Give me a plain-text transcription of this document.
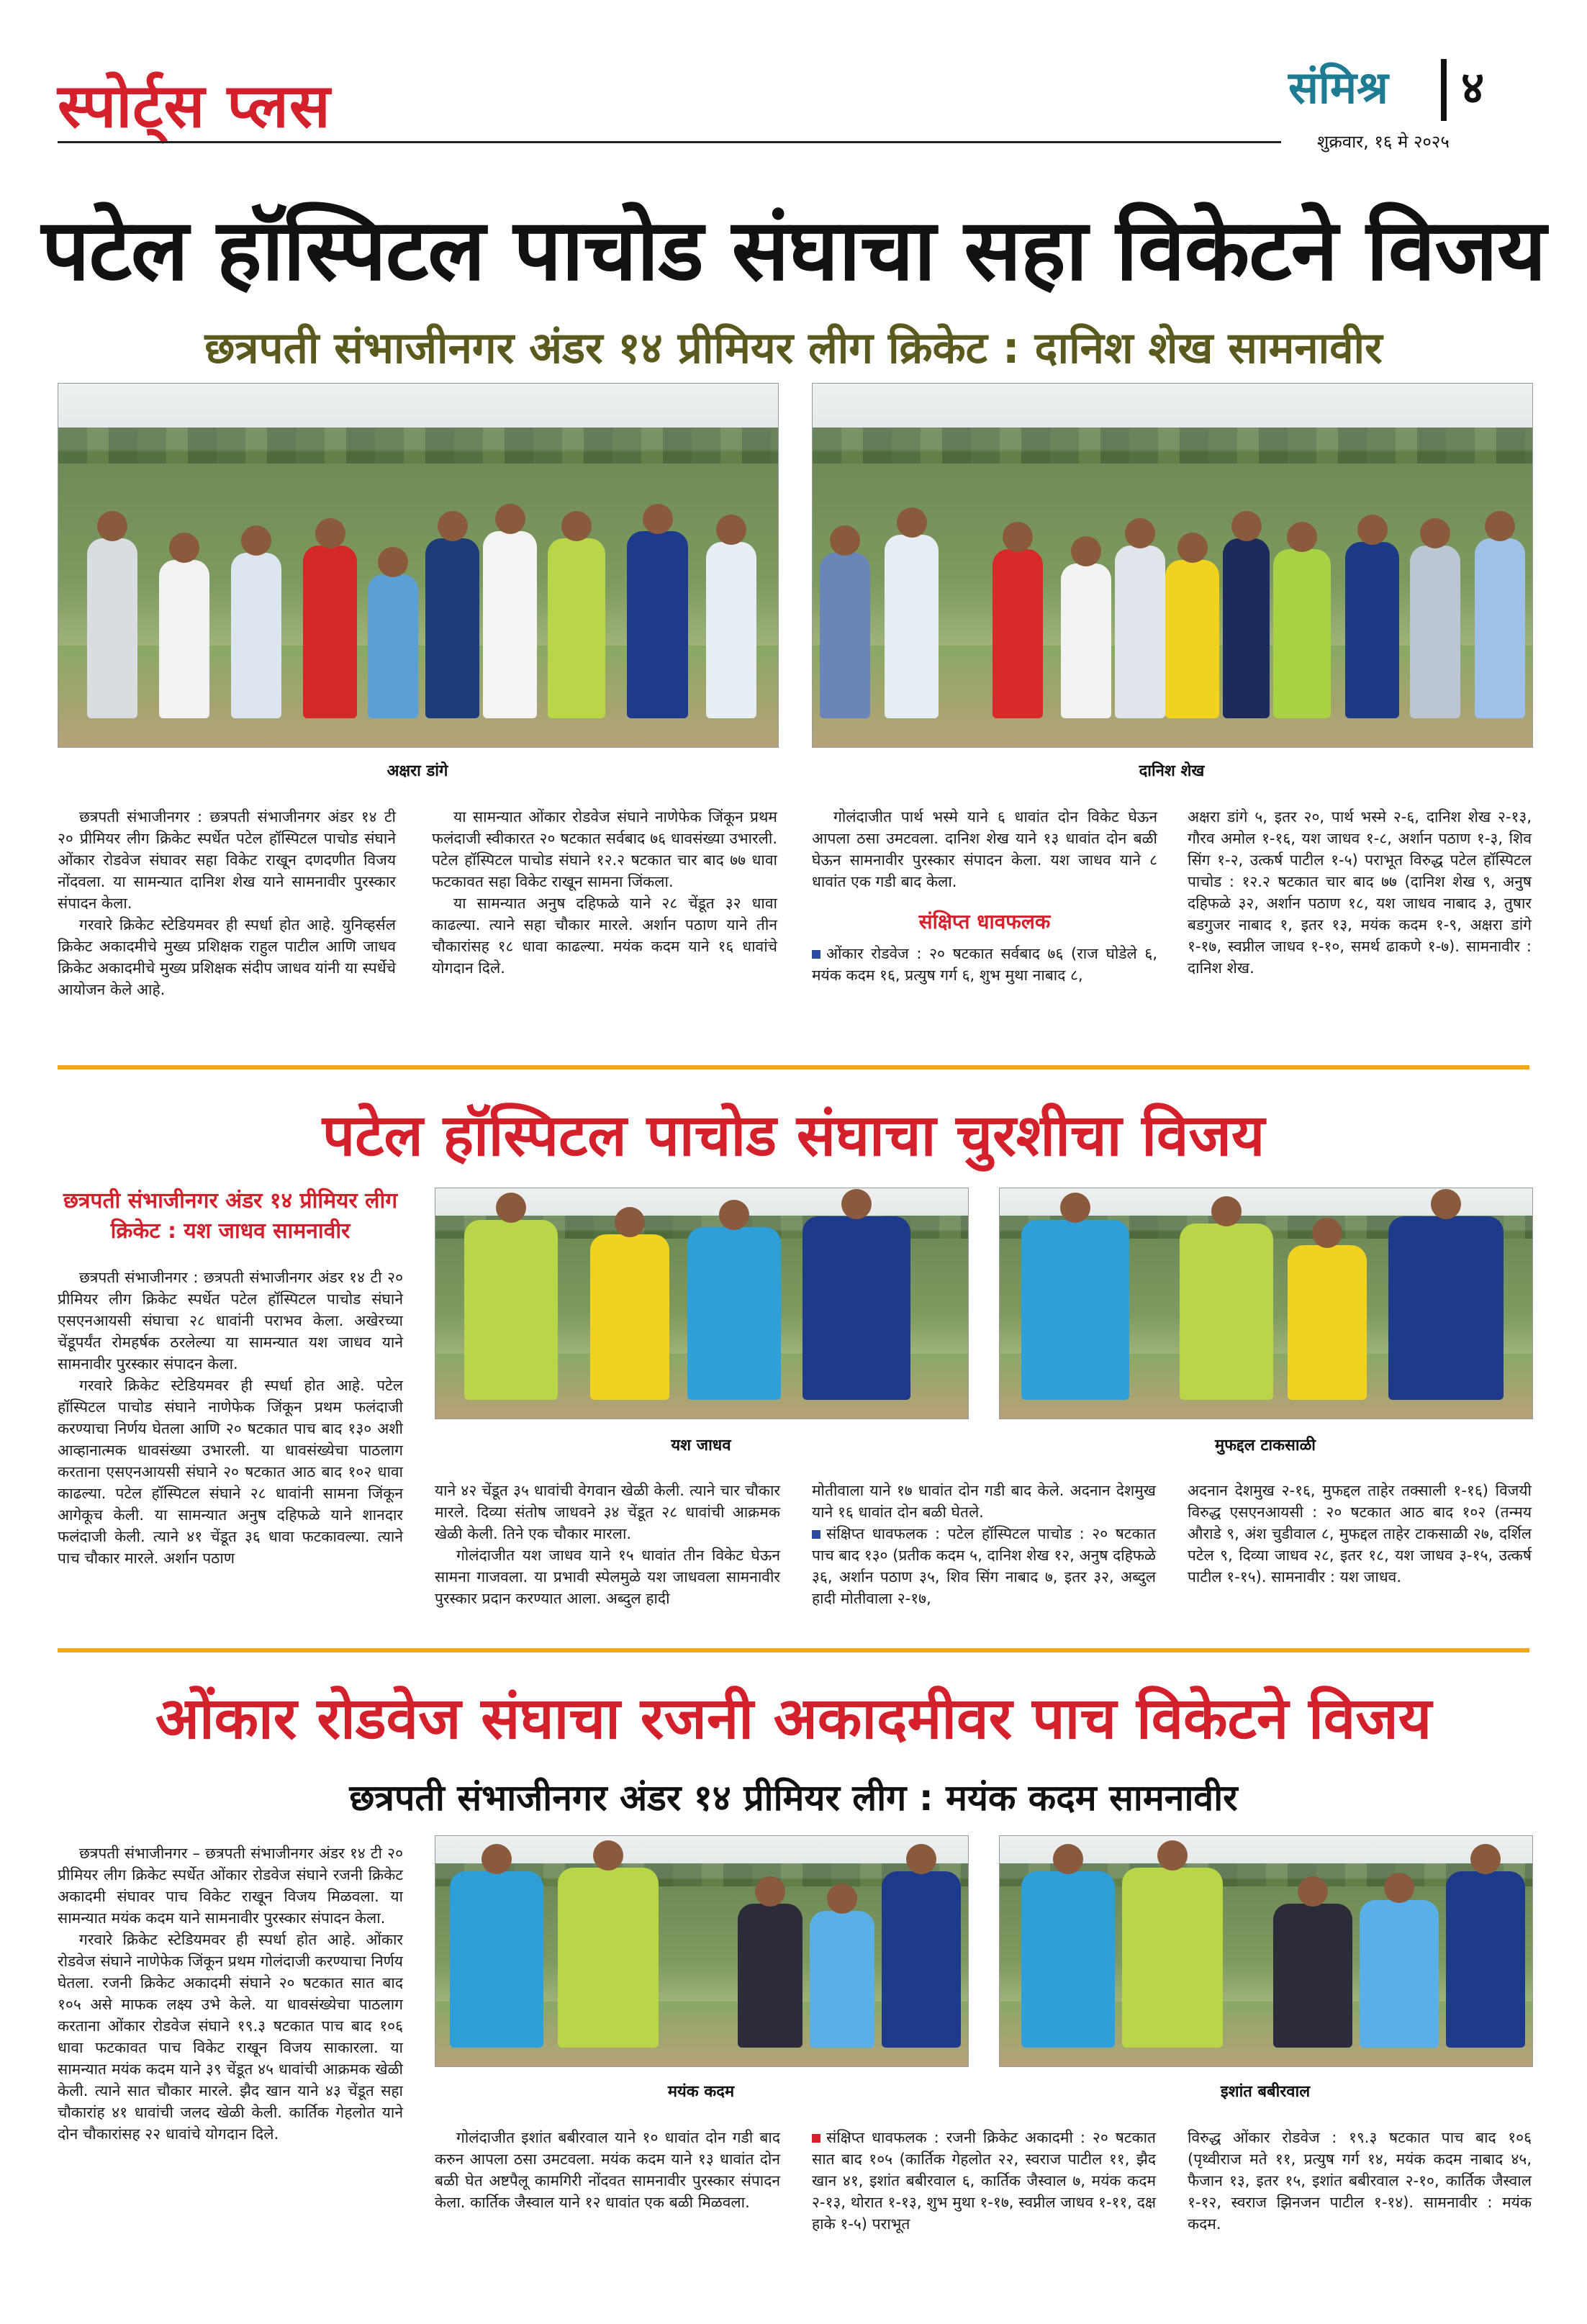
स्पोर्ट्स प्लस	संमिश्र ४
शुक्रवार, १६ मे २०२५
पटेल हॉस्पिटल पाचोड संघाचा सहा विकेटने विजय
छत्रपती संभाजीनगर अंडर १४ प्रीमियर लीग क्रिकेट : दानिश शेख सामनावीर
अक्षरा डांगे	दानिश शेख

छत्रपती संभाजीनगर : छत्रपती संभाजीनगर अंडर १४ टी २० प्रीमियर लीग क्रिकेट स्पर्धेत पटेल हॉस्पिटल पाचोड संघाने ओंकार रोडवेज संघावर सहा विकेट राखून दणदणीत विजय नोंदवला. या सामन्यात दानिश शेख याने सामनावीर पुरस्कार संपादन केला.

गरवारे क्रिकेट स्टेडियमवर ही स्पर्धा होत आहे. युनिव्हर्सल क्रिकेट अकादमीचे मुख्य प्रशिक्षक राहुल पाटील आणि जाधव क्रिकेट अकादमीचे मुख्य प्रशिक्षक संदीप जाधव यांनी या स्पर्धेचे आयोजन केले आहे.

या सामन्यात ओंकार रोडवेज संघाने नाणेफेक जिंकून प्रथम फलंदाजी स्वीकारत २० षटकात सर्वबाद ७६ धावसंख्या उभारली. पटेल हॉस्पिटल पाचोड संघाने १२.२ षटकात चार बाद ७७ धावा फटकावत सहा विकेट राखून सामना जिंकला.

या सामन्यात अनुष दहिफळे याने २८ चेंडूत ३२ धावा काढल्या. त्याने सहा चौकार मारले. अर्शान पठाण याने तीन चौकारांसह १८ धावा काढल्या. मयंक कदम याने १६ धावांचे योगदान दिले.

गोलंदाजीत पार्थ भस्मे याने ६ धावांत दोन विकेट घेऊन आपला ठसा उमटवला. दानिश शेख याने १३ धावांत दोन बळी घेऊन सामनावीर पुरस्कार संपादन केला. यश जाधव याने ८ धावांत एक गडी बाद केला.

संक्षिप्त धावफलक

ओंकार रोडवेज : २० षटकात सर्वबाद ७६ (राज घोडेले ६, मयंक कदम १६, प्रत्युष गर्ग ६, शुभ मुथा नाबाद ८,

अक्षरा डांगे ५, इतर २०, पार्थ भस्मे २-६, दानिश शेख २-१३, गौरव अमोल १-१६, यश जाधव १-८, अर्शान पठाण १-३, शिव सिंग १-२, उत्कर्ष पाटील १-५) पराभूत विरुद्ध पटेल हॉस्पिटल पाचोड : १२.२ षटकात चार बाद ७७ (दानिश शेख ९, अनुष दहिफळे ३२, अर्शान पठाण १८, यश जाधव नाबाद ३, तुषार बडगुजर नाबाद १, इतर १३, मयंक कदम १-९, अक्षरा डांगे १-१७, स्वप्नील जाधव १-१०, समर्थ ढाकणे १-७). सामनावीर : दानिश शेख.

पटेल हॉस्पिटल पाचोड संघाचा चुरशीचा विजय
छत्रपती संभाजीनगर अंडर १४ प्रीमियर लीग क्रिकेट : यश जाधव सामनावीर

छत्रपती संभाजीनगर : छत्रपती संभाजीनगर अंडर १४ टी २० प्रीमियर लीग क्रिकेट स्पर्धेत पटेल हॉस्पिटल पाचोड संघाने एसएनआयसी संघाचा २८ धावांनी पराभव केला. अखेरच्या चेंडूपर्यंत रोमहर्षक ठरलेल्या या सामन्यात यश जाधव याने सामनावीर पुरस्कार संपादन केला.

गरवारे क्रिकेट स्टेडियमवर ही स्पर्धा होत आहे. पटेल हॉस्पिटल पाचोड संघाने नाणेफेक जिंकून प्रथम फलंदाजी करण्याचा निर्णय घेतला आणि २० षटकात पाच बाद १३० अशी आव्हानात्मक धावसंख्या उभारली. या धावसंख्येचा पाठलाग करताना एसएनआयसी संघाने २० षटकात आठ बाद १०२ धावा काढल्या. पटेल हॉस्पिटल संघाने २८ धावांनी सामना जिंकून आगेकूच केली. या सामन्यात अनुष दहिफळे याने शानदार फलंदाजी केली. त्याने ४१ चेंडूत ३६ धावा फटकावल्या. त्याने पाच चौकार मारले. अर्शान पठाण

यश जाधव	मुफद्दल टाकसाळी

याने ४२ चेंडूत ३५ धावांची वेगवान खेळी केली. त्याने चार चौकार मारले. दिव्या संतोष जाधवने ३४ चेंडूत २८ धावांची आक्रमक खेळी केली. तिने एक चौकार मारला.

गोलंदाजीत यश जाधव याने १५ धावांत तीन विकेट घेऊन सामना गाजवला. या प्रभावी स्पेलमुळे यश जाधवला सामनावीर पुरस्कार प्रदान करण्यात आला. अब्दुल हादी

मोतीवाला याने १७ धावांत दोन गडी बाद केले. अदनान देशमुख याने १६ धावांत दोन बळी घेतले.

संक्षिप्त धावफलक : पटेल हॉस्पिटल पाचोड : २० षटकात पाच बाद १३० (प्रतीक कदम ५, दानिश शेख १२, अनुष दहिफळे ३६, अर्शान पठाण ३५, शिव सिंग नाबाद ७, इतर ३२, अब्दुल हादी मोतीवाला २-१७,

अदनान देशमुख २-१६, मुफद्दल ताहेर तक्साली १-१६) विजयी विरुद्ध एसएनआयसी : २० षटकात आठ बाद १०२ (तन्मय औराडे ९, अंश चुडीवाल ८, मुफद्दल ताहेर टाकसाळी २७, दर्शिल पटेल ९, दिव्या जाधव २८, इतर १८, यश जाधव ३-१५, उत्कर्ष पाटील १-१५). सामनावीर : यश जाधव.

ओंकार रोडवेज संघाचा रजनी अकादमीवर पाच विकेटने विजय
छत्रपती संभाजीनगर अंडर १४ प्रीमियर लीग : मयंक कदम सामनावीर

छत्रपती संभाजीनगर – छत्रपती संभाजीनगर अंडर १४ टी २० प्रीमियर लीग क्रिकेट स्पर्धेत ओंकार रोडवेज संघाने रजनी क्रिकेट अकादमी संघावर पाच विकेट राखून विजय मिळवला. या सामन्यात मयंक कदम याने सामनावीर पुरस्कार संपादन केला.

गरवारे क्रिकेट स्टेडियमवर ही स्पर्धा होत आहे. ओंकार रोडवेज संघाने नाणेफेक जिंकून प्रथम गोलंदाजी करण्याचा निर्णय घेतला. रजनी क्रिकेट अकादमी संघाने २० षटकात सात बाद १०५ असे माफक लक्ष्य उभे केले. या धावसंख्येचा पाठलाग करताना ओंकार रोडवेज संघाने १९.३ षटकात पाच बाद १०६ धावा फटकावत पाच विकेट राखून विजय साकारला. या सामन्यात मयंक कदम याने ३९ चेंडूत ४५ धावांची आक्रमक खेळी केली. त्याने सात चौकार मारले. झैद खान याने ४३ चेंडूत सहा चौकारांह ४१ धावांची जलद खेळी केली. कार्तिक गेहलोत याने दोन चौकारांसह २२ धावांचे योगदान दिले.

मयंक कदम	इशांत बबीरवाल

गोलंदाजीत इशांत बबीरवाल याने १० धावांत दोन गडी बाद करुन आपला ठसा उमटवला. मयंक कदम याने १३ धावांत दोन बळी घेत अष्टपैलू कामगिरी नोंदवत सामनावीर पुरस्कार संपादन केला. कार्तिक जैस्वाल याने १२ धावांत एक बळी मिळवला.

संक्षिप्त धावफलक : रजनी क्रिकेट अकादमी : २० षटकात सात बाद १०५ (कार्तिक गेहलोत २२, स्वराज पाटील ११, झैद खान ४१, इशांत बबीरवाल ६, कार्तिक जैस्वाल ७, मयंक कदम २-१३, थोरात १-१३, शुभ मुथा १-१७, स्वप्नील जाधव १-११, दक्ष हाके १-५) पराभूत

विरुद्ध ओंकार रोडवेज : १९.३ षटकात पाच बाद १०६ (पृथ्वीराज मते ११, प्रत्युष गर्ग १४, मयंक कदम नाबाद ४५, फैजान १३, इतर १५, इशांत बबीरवाल २-१०, कार्तिक जैस्वाल १-१२, स्वराज झिनजन पाटील १-१४). सामनावीर : मयंक कदम.
